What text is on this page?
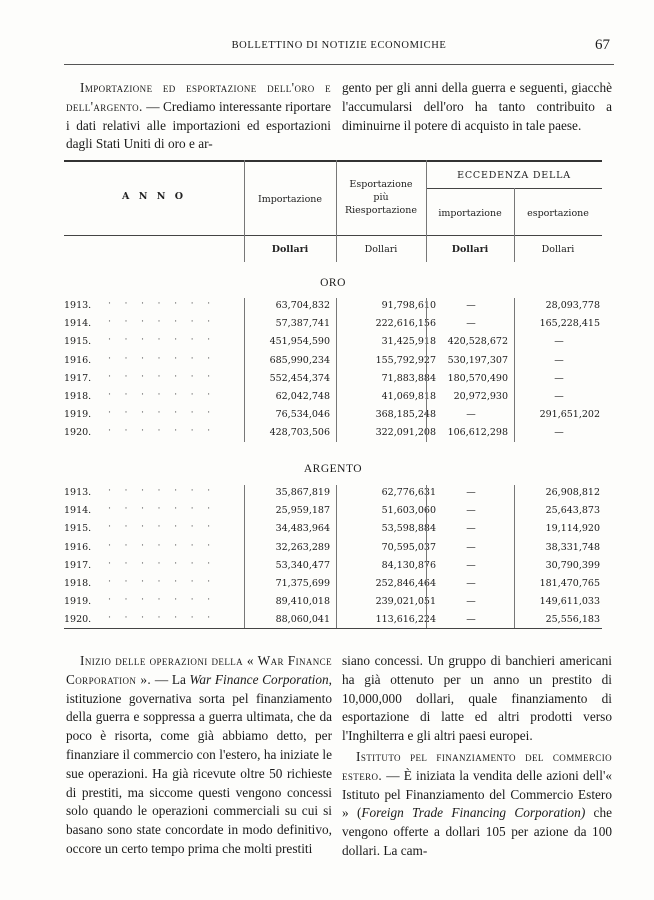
BOLLETTINO DI NOTIZIE ECONOMICHE	67

Importazione ed esportazione dell'oro e dell'argento. — Crediamo interessante riportare i dati relativi alle importazioni ed esportazioni dagli Stati Uniti di oro e ar-

gento per gli anni della guerra e seguenti, giacchè l'accumularsi dell'oro ha tanto contribuito a diminuirne il potere di acquisto in tale paese.

A N N O	Importazione
Esportazione
più
Riesportazione
ECCEDENZA DELLA
importazione	esportazione
Dollari	Dollari	Dollari	Dollari
ORO
1913. ·······	63,704,832	91,798,610	—	28,093,778
1914. ·······	57,387,741	222,616,156	—	165,228,415
1915. ·······	451,954,590	31,425,918	420,528,672	—
1916. ·······	685,990,234	155,792,927	530,197,307	—
1917. ·······	552,454,374	71,883,884	180,570,490	—
1918. ·······	62,042,748	41,069,818	20,972,930	—
1919. ·······	76,534,046	368,185,248	—	291,651,202
1920. ·······	428,703,506	322,091,208	106,612,298	—
ARGENTO
1913. ·······	35,867,819	62,776,631	—	26,908,812
1914. ·······	25,959,187	51,603,060	—	25,643,873
1915. ·······	34,483,964	53,598,884	—	19,114,920
1916. ·······	32,263,289	70,595,037	—	38,331,748
1917. ·······	53,340,477	84,130,876	—	30,790,399
1918. ·······	71,375,699	252,846,464	—	181,470,765
1919. ·······	89,410,018	239,021,051	—	149,611,033
1920. ·······	88,060,041	113,616,224	—	25,556,183

Inizio delle operazioni della « War Finance Corporation ». — La War Finance Corporation, istituzione governativa sorta pel finanziamento della guerra e soppressa a guerra ultimata, che da poco è risorta, come già abbiamo detto, per finanziare il commercio con l'estero, ha iniziate le sue operazioni. Ha già ricevute oltre 50 richieste di prestiti, ma siccome questi vengono concessi solo quando le operazioni commerciali su cui si basano sono state concordate in modo definitivo, occore un certo tempo prima che molti prestiti

siano concessi. Un gruppo di banchieri americani ha già ottenuto per un anno un prestito di 10,000,000 dollari, quale finanziamento di esportazione di latte ed altri prodotti verso l'Inghilterra e gli altri paesi europei.

Istituto pel finanziamento del commercio estero. — È iniziata la vendita delle azioni dell'« Istituto pel Finanziamento del Commercio Estero » (Foreign Trade Financing Corporation) che vengono offerte a dollari 105 per azione da 100 dollari. La cam-
